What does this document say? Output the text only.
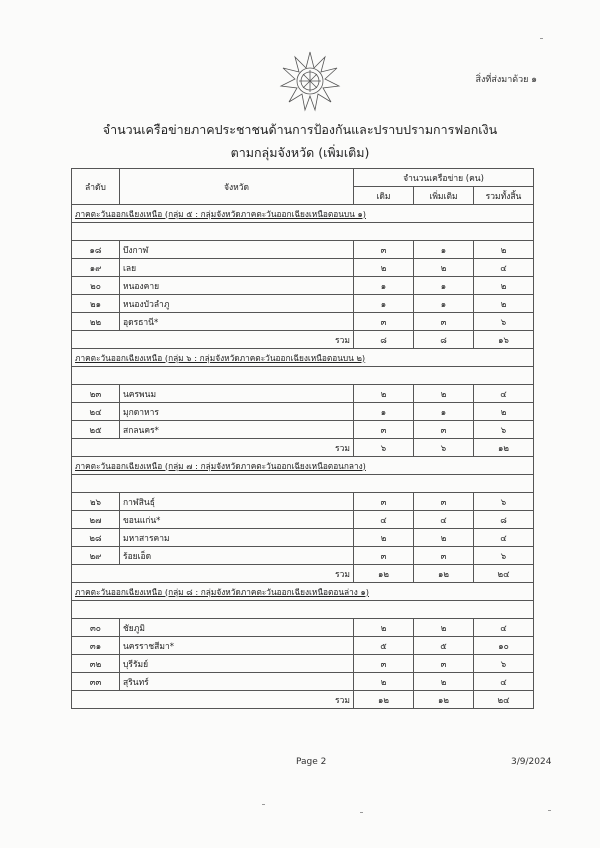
สิ่งที่ส่งมาด้วย ๑
จำนวนเครือข่ายภาคประชาชนด้านการป้องกันและปราบปรามการฟอกเงิน
ตามกลุ่มจังหวัด (เพิ่มเติม)
ลำดับ	จังหวัด	จำนวนเครือข่าย (คน)		
		เดิม	เพิ่มเติม	รวมทั้งสิ้น
ภาคตะวันออกเฉียงเหนือ (กลุ่ม ๕ : กลุ่มจังหวัดภาคตะวันออกเฉียงเหนือตอนบน ๑)				

๑๘	บึงกาฬ	๓	๑	๒
๑๙	เลย	๒	๒	๔
๒๐	หนองคาย	๑	๑	๒
๒๑	หนองบัวลำภู	๑	๑	๒
๒๒	อุดรธานี*	๓	๓	๖
รวม		๘	๘	๑๖
ภาคตะวันออกเฉียงเหนือ (กลุ่ม ๖ : กลุ่มจังหวัดภาคตะวันออกเฉียงเหนือตอนบน ๒)				

๒๓	นครพนม	๒	๒	๔
๒๔	มุกดาหาร	๑	๑	๒
๒๕	สกลนคร*	๓	๓	๖
รวม		๖	๖	๑๒
ภาคตะวันออกเฉียงเหนือ (กลุ่ม ๗ : กลุ่มจังหวัดภาคตะวันออกเฉียงเหนือตอนกลาง)				

๒๖	กาฬสินธุ์	๓	๓	๖
๒๗	ขอนแก่น*	๔	๔	๘
๒๘	มหาสารคาม	๒	๒	๔
๒๙	ร้อยเอ็ด	๓	๓	๖
รวม		๑๒	๑๒	๒๔
ภาคตะวันออกเฉียงเหนือ (กลุ่ม ๘ : กลุ่มจังหวัดภาคตะวันออกเฉียงเหนือตอนล่าง ๑)				

๓๐	ชัยภูมิ	๒	๒	๔
๓๑	นครราชสีมา*	๕	๕	๑๐
๓๒	บุรีรัมย์	๓	๓	๖
๓๓	สุรินทร์	๒	๒	๔
รวม		๑๒	๑๒	๒๔
Page 2	3/9/2024
